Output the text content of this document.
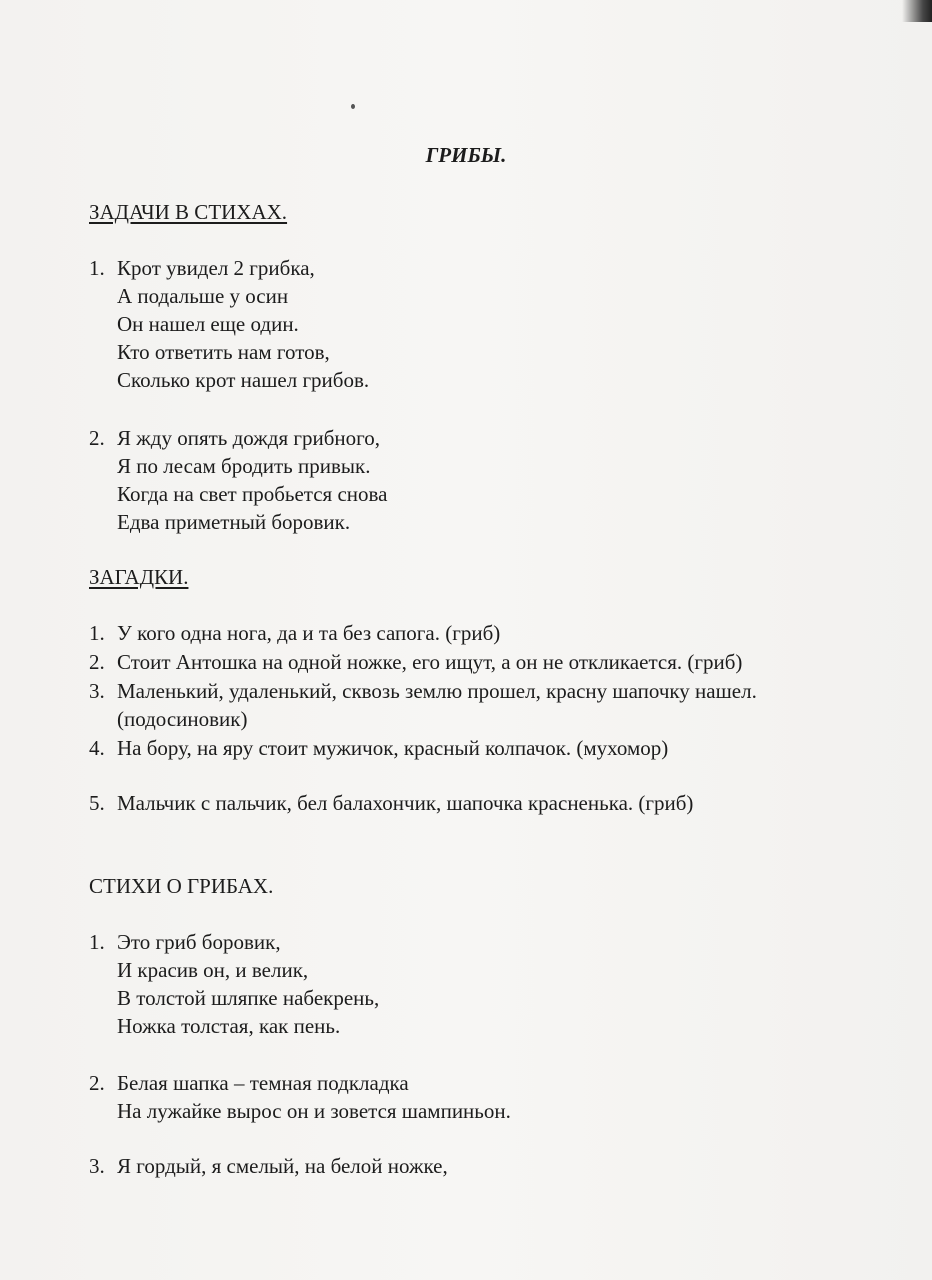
ГРИБЫ.
ЗАДАЧИ В СТИХАХ.
1. Крот увидел 2 грибка,
А подальше у осин
Он нашел еще один.
Кто ответить нам готов,
Сколько крот нашел грибов.
2. Я жду опять дождя грибного,
Я по лесам бродить привык.
Когда на свет пробьется снова
Едва приметный боровик.
ЗАГАДКИ.
1. У кого одна нога, да и та без сапога. (гриб)
2. Стоит Антошка на одной ножке, его ищут, а он не откликается. (гриб)
3. Маленький, удаленький, сквозь землю прошел, красну шапочку нашел.
(подосиновик)
4. На бору, на яру стоит мужичок, красный колпачок. (мухомор)
5. Мальчик с пальчик, бел балахончик, шапочка красненька. (гриб)
СТИХИ О ГРИБАХ.
1. Это гриб боровик,
И красив он, и велик,
В толстой шляпке набекрень,
Ножка толстая, как пень.
2. Белая шапка – темная подкладка
На лужайке вырос он и зовется шампиньон.
3. Я гордый, я смелый, на белой ножке,
